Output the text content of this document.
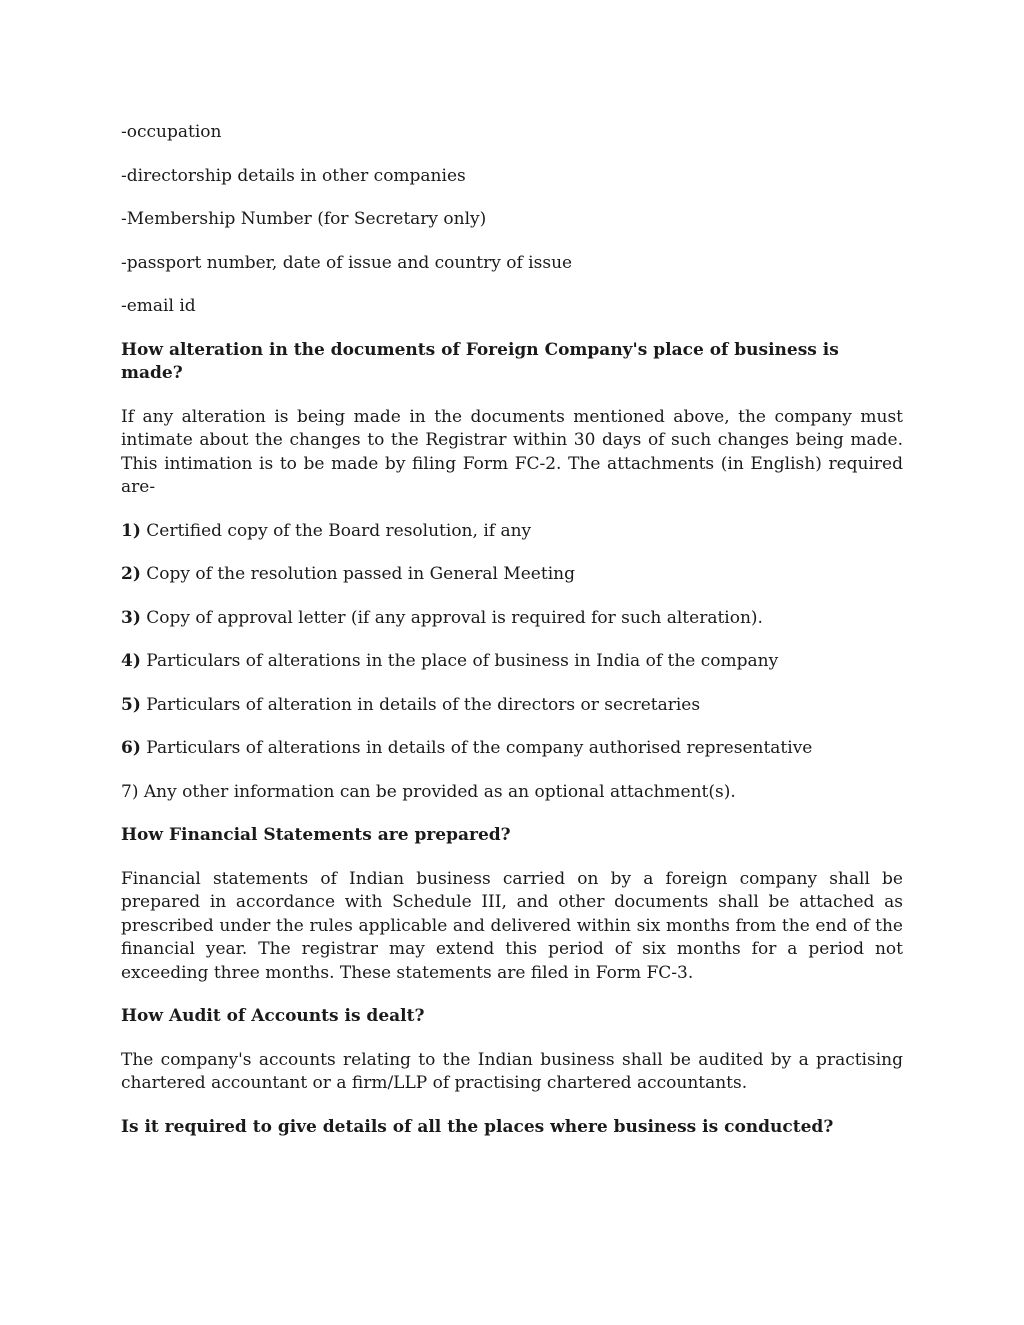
-occupation

-directorship details in other companies

-Membership Number (for Secretary only)

-passport number, date of issue and country of issue

-email id

How alteration in the documents of Foreign Company's place of business is made?

If any alteration is being made in the documents mentioned above, the company must intimate about the changes to the Registrar within 30 days of such changes being made. This intimation is to be made by filing Form FC-2. The attachments (in English) required are-

1) Certified copy of the Board resolution, if any

2) Copy of the resolution passed in General Meeting

3) Copy of approval letter (if any approval is required for such alteration).

4) Particulars of alterations in the place of business in India of the company

5) Particulars of alteration in details of the directors or secretaries

6) Particulars of alterations in details of the company authorised representative

7) Any other information can be provided as an optional attachment(s).

How Financial Statements are prepared?

Financial statements of Indian business carried on by a foreign company shall be prepared in accordance with Schedule III, and other documents shall be attached as prescribed under the rules applicable and delivered within six months from the end of the financial year. The registrar may extend this period of six months for a period not exceeding three months. These statements are filed in Form FC-3.

How Audit of Accounts is dealt?

The company's accounts relating to the Indian business shall be audited by a practising chartered accountant or a firm/LLP of practising chartered accountants.

Is it required to give details of all the places where business is conducted?
